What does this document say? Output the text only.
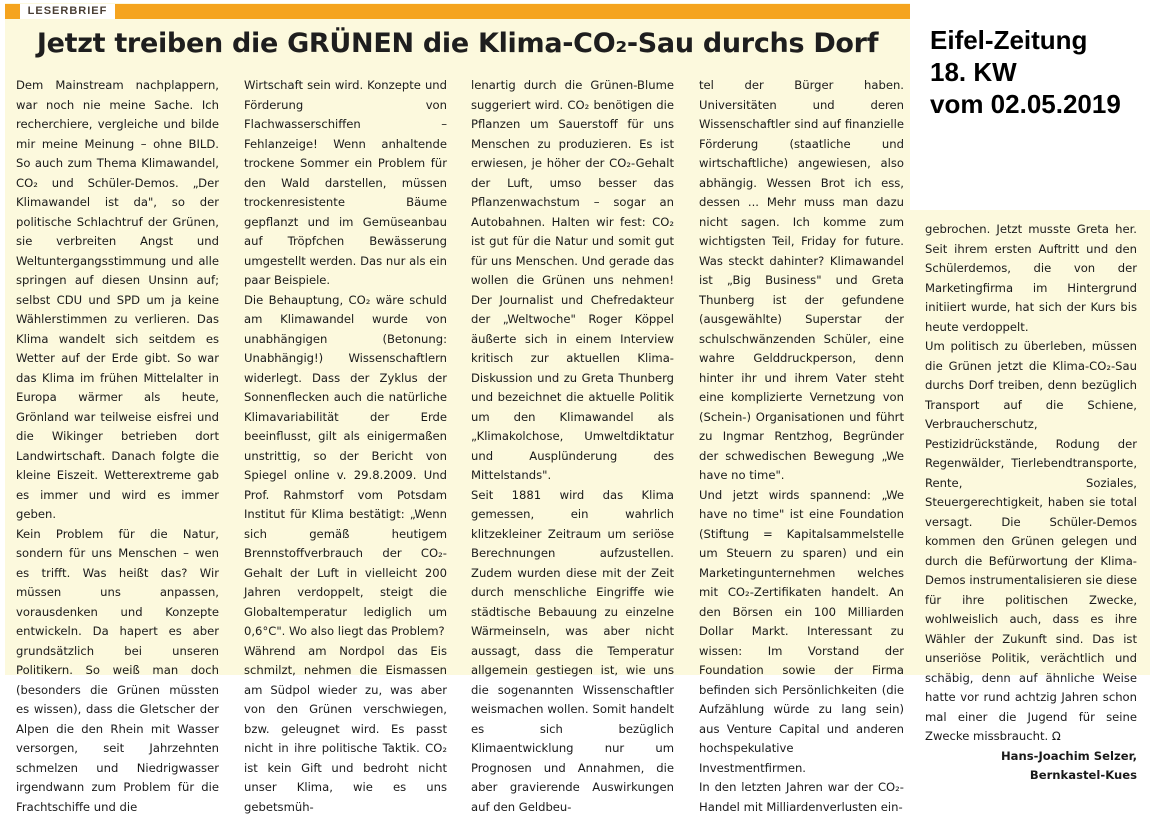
LESERBRIEF
Jetzt treiben die GRÜNEN die Klima-CO₂-Sau durchs Dorf	Eifel-Zeitung
18. KW
vom 02.05.2019

Dem Mainstream nachplappern, war noch nie meine Sache. Ich recherchiere, vergleiche und bilde mir meine Meinung – ohne BILD. So auch zum Thema Klimawandel, CO₂ und Schüler-Demos. „Der Klimawandel ist da", so der politische Schlachtruf der Grünen, sie verbreiten Angst und Weltuntergangsstimmung und alle springen auf diesen Unsinn auf; selbst CDU und SPD um ja keine Wählerstimmen zu verlieren. Das Klima wandelt sich seitdem es Wetter auf der Erde gibt. So war das Klima im frühen Mittelalter in Europa wärmer als heute, Grönland war teilweise eisfrei und die Wikinger betrieben dort Landwirtschaft. Danach folgte die kleine Eiszeit. Wetterextreme gab es immer und wird es immer geben.

Kein Problem für die Natur, sondern für uns Menschen – wen es trifft. Was heißt das? Wir müssen uns anpassen, vorausdenken und Konzepte entwickeln. Da hapert es aber grundsätzlich bei unseren Politikern. So weiß man doch (besonders die Grünen müssten es wissen), dass die Gletscher der Alpen die den Rhein mit Wasser versorgen, seit Jahrzehnten schmelzen und Niedrigwasser irgendwann zum Problem für die Frachtschiffe und die

Wirtschaft sein wird. Konzepte und Förderung von Flachwasserschiffen – Fehlanzeige! Wenn anhaltende trockene Sommer ein Problem für den Wald darstellen, müssen trockenresistente Bäume gepflanzt und im Gemüseanbau auf Tröpfchen Bewässerung umgestellt werden. Das nur als ein paar Beispiele.

Die Behauptung, CO₂ wäre schuld am Klimawandel wurde von unabhängigen (Betonung: Unabhängig!) Wissenschaftlern widerlegt. Dass der Zyklus der Sonnenflecken auch die natürliche Klimavariabilität der Erde beeinflusst, gilt als einigermaßen unstrittig, so der Bericht von Spiegel online v. 29.8.2009. Und Prof. Rahmstorf vom Potsdam Institut für Klima bestätigt: „Wenn sich gemäß heutigem Brennstoffverbrauch der CO₂-Gehalt der Luft in vielleicht 200 Jahren verdoppelt, steigt die Globaltemperatur lediglich um 0,6°C". Wo also liegt das Problem?

Während am Nordpol das Eis schmilzt, nehmen die Eismassen am Südpol wieder zu, was aber von den Grünen verschwiegen, bzw. geleugnet wird. Es passt nicht in ihre politische Taktik. CO₂ ist kein Gift und bedroht nicht unser Klima, wie es uns gebetsmüh-

lenartig durch die Grünen-Blume suggeriert wird. CO₂ benötigen die Pflanzen um Sauerstoff für uns Menschen zu produzieren. Es ist erwiesen, je höher der CO₂-Gehalt der Luft, umso besser das Pflanzenwachstum – sogar an Autobahnen. Halten wir fest: CO₂ ist gut für die Natur und somit gut für uns Menschen. Und gerade das wollen die Grünen uns nehmen! Der Journalist und Chefredakteur der „Weltwoche" Roger Köppel äußerte sich in einem Interview kritisch zur aktuellen Klima-Diskussion und zu Greta Thunberg und bezeichnet die aktuelle Politik um den Klimawandel als „Klimakolchose, Umweltdiktatur und Ausplünderung des Mittelstands".

Seit 1881 wird das Klima gemessen, ein wahrlich klitzekleiner Zeitraum um seriöse Berechnungen aufzustellen. Zudem wurden diese mit der Zeit durch menschliche Eingriffe wie städtische Bebauung zu einzelne Wärmeinseln, was aber nicht aussagt, dass die Temperatur allgemein gestiegen ist, wie uns die sogenannten Wissenschaftler weismachen wollen. Somit handelt es sich bezüglich Klimaentwicklung nur um Prognosen und Annahmen, die aber gravierende Auswirkungen auf den Geldbeu-

tel der Bürger haben. Universitäten und deren Wissenschaftler sind auf finanzielle Förderung (staatliche und wirtschaftliche) angewiesen, also abhängig. Wessen Brot ich ess, dessen ... Mehr muss man dazu nicht sagen. Ich komme zum wichtigsten Teil, Friday for future. Was steckt dahinter? Klimawandel ist „Big Business" und Greta Thunberg ist der gefundene (ausgewählte) Superstar der schulschwänzenden Schüler, eine wahre Gelddruckperson, denn hinter ihr und ihrem Vater steht eine komplizierte Vernetzung von (Schein-) Organisationen und führt zu Ingmar Rentzhog, Begründer der schwedischen Bewegung „We have no time".

Und jetzt wirds spannend: „We have no time" ist eine Foundation (Stiftung = Kapitalsammelstelle um Steuern zu sparen) und ein Marketingunternehmen welches mit CO₂-Zertifikaten handelt. An den Börsen ein 100 Milliarden Dollar Markt. Interessant zu wissen: Im Vorstand der Foundation sowie der Firma befinden sich Persönlichkeiten (die Aufzählung würde zu lang sein) aus Venture Capital und anderen hochspekulative Investmentfirmen.

In den letzten Jahren war der CO₂-Handel mit Milliardenverlusten ein-

gebrochen. Jetzt musste Greta her. Seit ihrem ersten Auftritt und den Schülerdemos, die von der Marketingfirma im Hintergrund initiiert wurde, hat sich der Kurs bis heute verdoppelt.

Um politisch zu überleben, müssen die Grünen jetzt die Klima-CO₂-Sau durchs Dorf treiben, denn bezüglich Transport auf die Schiene, Verbraucherschutz, Pestizidrückstände, Rodung der Regenwälder, Tierlebendtransporte, Rente, Soziales, Steuergerechtigkeit, haben sie total versagt. Die Schüler-Demos kommen den Grünen gelegen und durch die Befürwortung der Klima-Demos instrumentalisieren sie diese für ihre politischen Zwecke, wohlweislich auch, dass es ihre Wähler der Zukunft sind. Das ist unseriöse Politik, verächtlich und schäbig, denn auf ähnliche Weise hatte vor rund achtzig Jahren schon mal einer die Jugend für seine Zwecke missbraucht. Ω

Hans-Joachim Selzer,

Bernkastel-Kues
